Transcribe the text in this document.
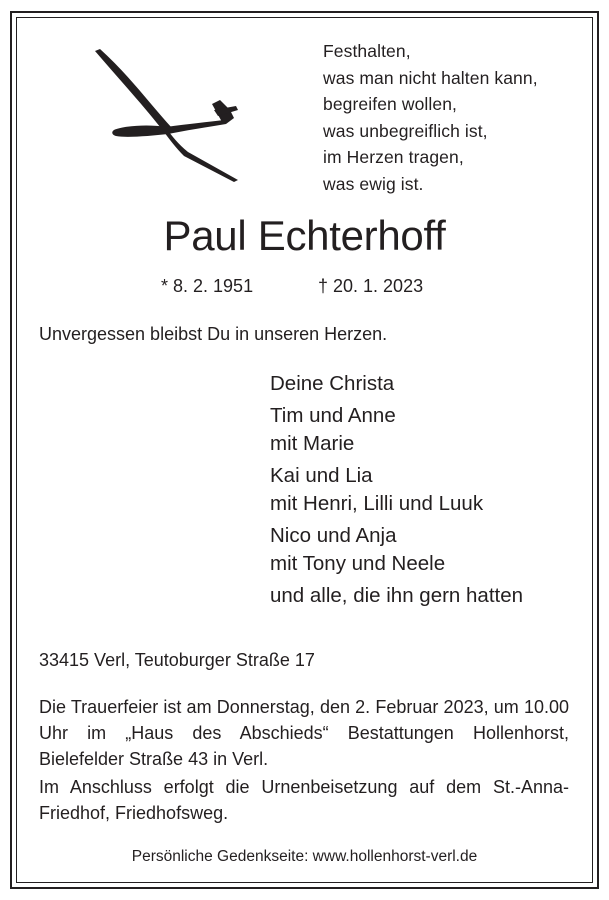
Festhalten,
was man nicht halten kann,
begreifen wollen,
was unbegreiflich ist,
im Herzen tragen,
was ewig ist.
Paul Echterhoff
* 8. 2. 1951	† 20. 1. 2023
Unvergessen bleibst Du in unseren Herzen.
Deine Christa
Tim und Anne
mit Marie
Kai und Lia
mit Henri, Lilli und Luuk
Nico und Anja
mit Tony und Neele
und alle, die ihn gern hatten
33415 Verl, Teutoburger Straße 17
Die Trauerfeier ist am Donnerstag, den 2. Februar 2023, um 10.00 Uhr im „Haus des Abschieds“ Bestattungen Hollenhorst, Bielefelder Straße 43 in Verl.
Im Anschluss erfolgt die Urnenbeisetzung auf dem St.-Anna-Friedhof, Friedhofsweg.
Persönliche Gedenkseite: www.hollenhorst-verl.de
